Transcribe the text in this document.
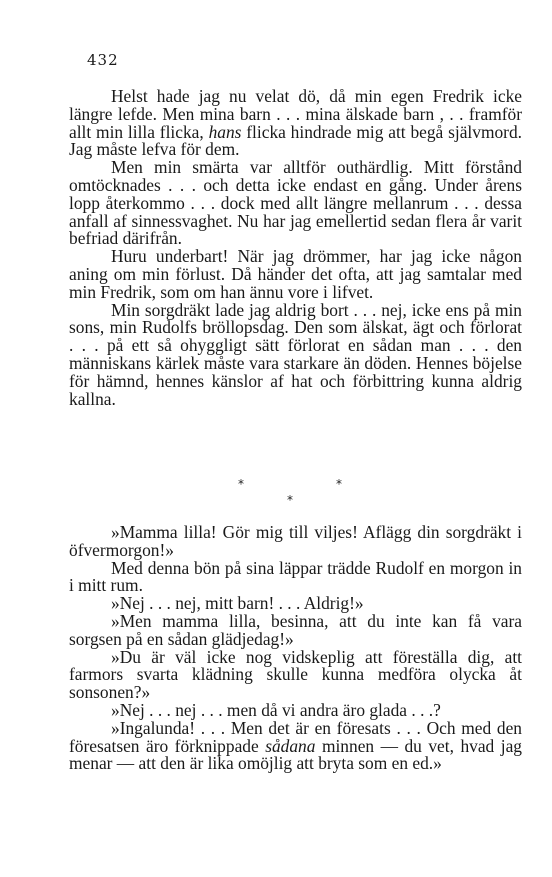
432

Helst hade jag nu velat dö, då min egen Fredrik icke längre lefde. Men mina barn . . . mina älskade barn , . . framför allt min lilla flicka, hans flicka hindrade mig att begå självmord. Jag måste lefva för dem.

Men min smärta var alltför outhärdlig. Mitt förstånd omtöcknades . . . och detta icke endast en gång. Under årens lopp återkommo . . . dock med allt längre mellanrum . . . dessa anfall af sinnessvaghet. Nu har jag emellertid sedan flera år varit befriad därifrån.

Huru underbart! När jag drömmer, har jag icke någon aning om min förlust. Då händer det ofta, att jag samtalar med min Fredrik, som om han ännu vore i lifvet.

Min sorgdräkt lade jag aldrig bort . . . nej, icke ens på min sons, min Rudolfs bröllopsdag. Den som älskat, ägt och förlorat . . . på ett så ohyggligt sätt förlorat en sådan man . . . den människans kärlek måste vara starkare än döden. Hennes böjelse för hämnd, hennes känslor af hat och förbittring kunna aldrig kallna.

*	*
*

»Mamma lilla! Gör mig till viljes! Aflägg din sorgdräkt i öfvermorgon!»

Med denna bön på sina läppar trädde Rudolf en morgon in i mitt rum.

»Nej . . . nej, mitt barn! . . . Aldrig!»

»Men mamma lilla, besinna, att du inte kan få vara sorgsen på en sådan glädjedag!»

»Du är väl icke nog vidskeplig att föreställa dig, att farmors svarta klädning skulle kunna medföra olycka åt sonsonen?»

»Nej . . . nej . . . men då vi andra äro glada . . .?

»Ingalunda! . . . Men det är en föresats . . . Och med den föresatsen äro förknippade sådana minnen — du vet, hvad jag menar — att den är lika omöjlig att bryta som en ed.»
